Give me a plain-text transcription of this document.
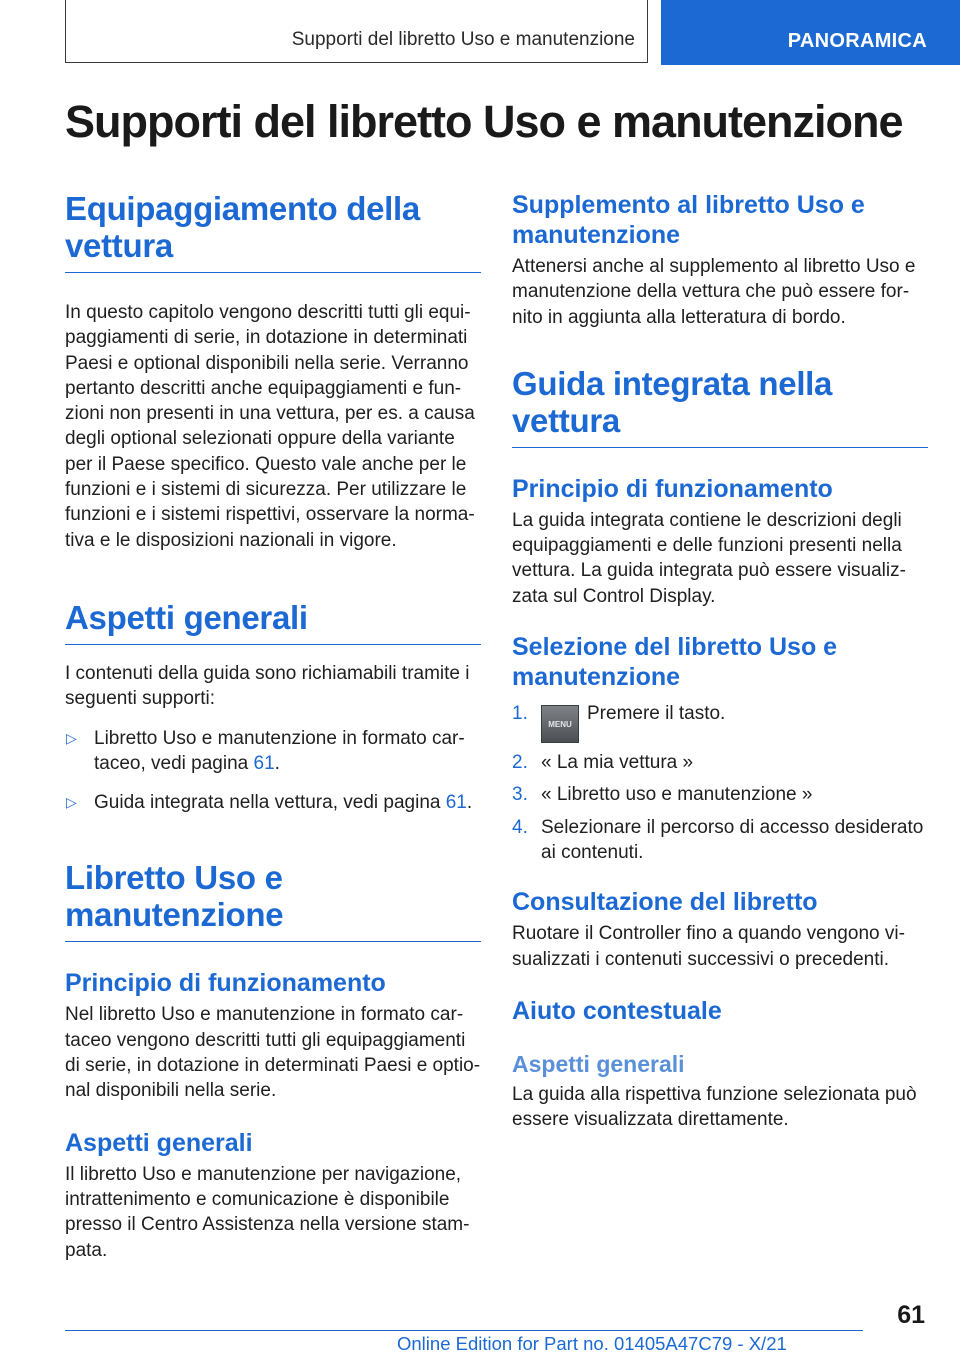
Supporti del libretto Uso e manutenzione	PANORAMICA
Supporti del libretto Uso e manutenzione
Equipaggiamento della vettura

In questo capitolo vengono descritti tutti gli equipaggiamenti di serie, in dotazione in determinati Paesi e optional disponibili nella serie. Verranno pertanto descritti anche equipaggiamenti e funzioni non presenti in una vettura, per es. a causa degli optional selezionati oppure della variante per il Paese specifico. Questo vale anche per le funzioni e i sistemi di sicurezza. Per utilizzare le funzioni e i sistemi rispettivi, osservare la normativa e le disposizioni nazionali in vigore.

Aspetti generali

I contenuti della guida sono richiamabili tramite i seguenti supporti:

▷ Libretto Uso e manutenzione in formato cartaceo, vedi pagina 61.
▷ Guida integrata nella vettura, vedi pagina 61.
Libretto Uso e manutenzione
Principio di funzionamento

Nel libretto Uso e manutenzione in formato cartaceo vengono descritti tutti gli equipaggiamenti di serie, in dotazione in determinati Paesi e optional disponibili nella serie.

Aspetti generali

Il libretto Uso e manutenzione per navigazione, intrattenimento e comunicazione è disponibile presso il Centro Assistenza nella versione stampata.

Supplemento al libretto Uso e manutenzione

Attenersi anche al supplemento al libretto Uso e manutenzione della vettura che può essere fornito in aggiunta alla letteratura di bordo.

Guida integrata nella vettura
Principio di funzionamento

La guida integrata contiene le descrizioni degli equipaggiamenti e delle funzioni presenti nella vettura. La guida integrata può essere visualizzata sul Control Display.

Selezione del libretto Uso e manutenzione
1.
MENUPremere il tasto.
2. « La mia vettura »
3. « Libretto uso e manutenzione »
4. Selezionare il percorso di accesso desiderato ai contenuti.
Consultazione del libretto

Ruotare il Controller fino a quando vengono visualizzati i contenuti successivi o precedenti.

Aiuto contestuale
Aspetti generali

La guida alla rispettiva funzione selezionata può essere visualizzata direttamente.

61
Online Edition for Part no. 01405A47C79 - X/21
